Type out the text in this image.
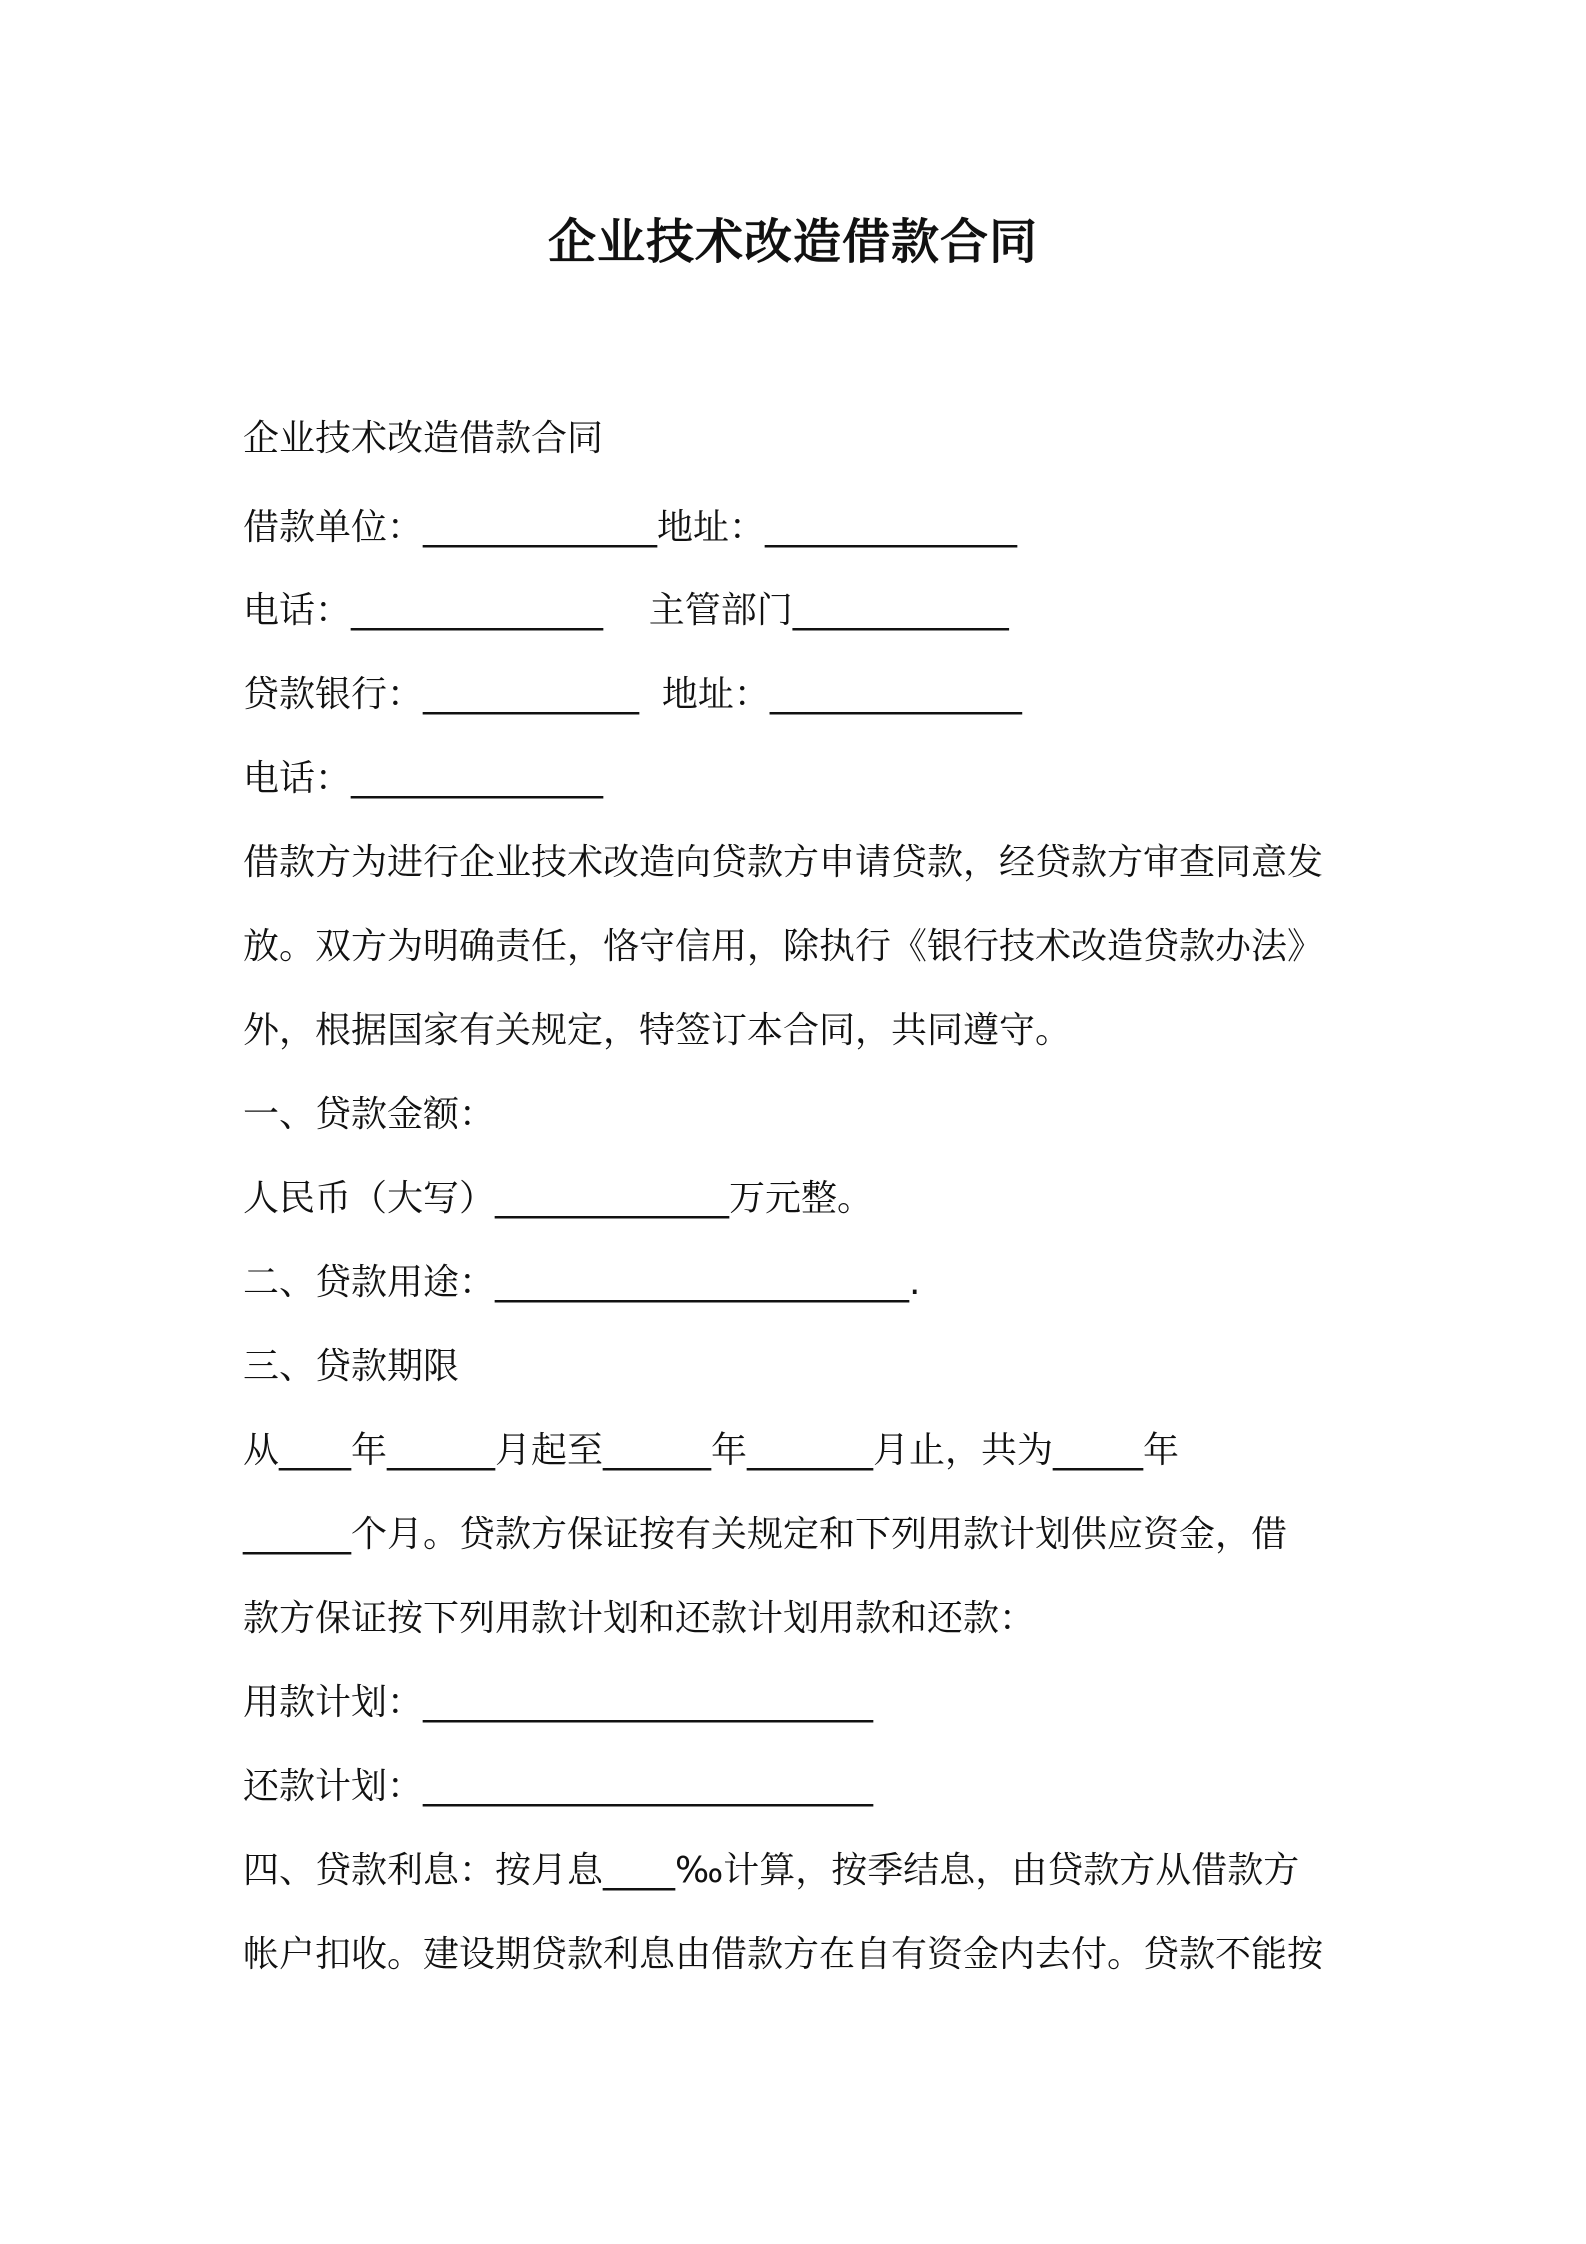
企业技术改造借款合同
企业技术改造借款合同
借款单位：_____________地址：______________
电话：______________    主管部门____________
贷款银行：____________  地址：______________
电话：______________
借款方为进行企业技术改造向贷款方申请贷款，经贷款方审查同意发
放。双方为明确责任，恪守信用，除执行《银行技术改造贷款办法》
外，根据国家有关规定，特签订本合同，共同遵守。
一、贷款金额：
人民币（大写）_____________万元整。
二、贷款用途：_______________________.
三、贷款期限
从____年______月起至______年_______月止，共为_____年
______个月。贷款方保证按有关规定和下列用款计划供应资金，借
款方保证按下列用款计划和还款计划用款和还款：
用款计划：_________________________
还款计划：_________________________
四、贷款利息：按月息____‰计算，按季结息，由贷款方从借款方
帐户扣收。建设期贷款利息由借款方在自有资金内去付。贷款不能按
